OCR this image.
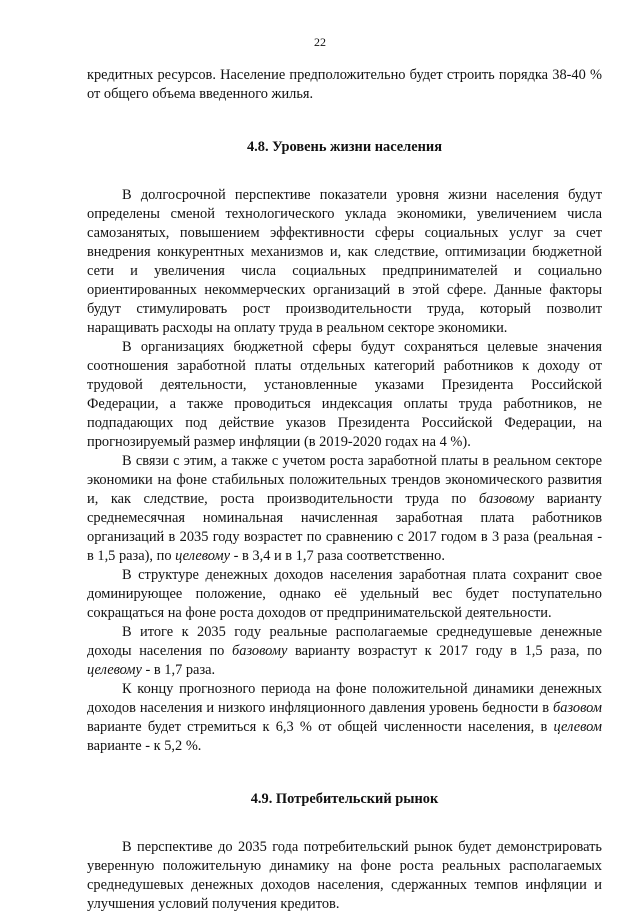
22

кредитных ресурсов. Население предположительно будет строить порядка 38-40 % от общего объема введенного жилья.

4.8. Уровень жизни населения

В долгосрочной перспективе показатели уровня жизни населения будут определены сменой технологического уклада экономики, увеличением числа самозанятых, повышением эффективности сферы социальных услуг за счет внедрения конкурентных механизмов и, как следствие, оптимизации бюджетной сети и увеличения числа социальных предпринимателей и социально ориентированных некоммерческих организаций в этой сфере. Данные факторы будут стимулировать рост производительности труда, который позволит наращивать расходы на оплату труда в реальном секторе экономики.

В организациях бюджетной сферы будут сохраняться целевые значения соотношения заработной платы отдельных категорий работников к доходу от трудовой деятельности, установленные указами Президента Российской Федерации, а также проводиться индексация оплаты труда работников, не подпадающих под действие указов Президента Российской Федерации, на прогнозируемый размер инфляции (в 2019-2020 годах на 4 %).

В связи с этим, а также с учетом роста заработной платы в реальном секторе экономики на фоне стабильных положительных трендов экономического развития и, как следствие, роста производительности труда по базовому варианту среднемесячная номинальная начисленная заработная плата работников организаций в 2035 году возрастет по сравнению с 2017 годом в 3 раза (реальная - в 1,5 раза), по целевому - в 3,4 и в 1,7 раза соответственно.

В структуре денежных доходов населения заработная плата сохранит свое доминирующее положение, однако её удельный вес будет поступательно сокращаться на фоне роста доходов от предпринимательской деятельности.

В итоге к 2035 году реальные располагаемые среднедушевые денежные доходы населения по базовому варианту возрастут к 2017 году в 1,5 раза, по целевому - в 1,7 раза.

К концу прогнозного периода на фоне положительной динамики денежных доходов населения и низкого инфляционного давления уровень бедности в базовом варианте будет стремиться к 6,3 % от общей численности населения, в целевом варианте - к 5,2 %.

4.9. Потребительский рынок

В перспективе до 2035 года потребительский рынок будет демонстрировать уверенную положительную динамику на фоне роста реальных располагаемых среднедушевых денежных доходов населения, сдержанных темпов инфляции и улучшения условий получения кредитов.
